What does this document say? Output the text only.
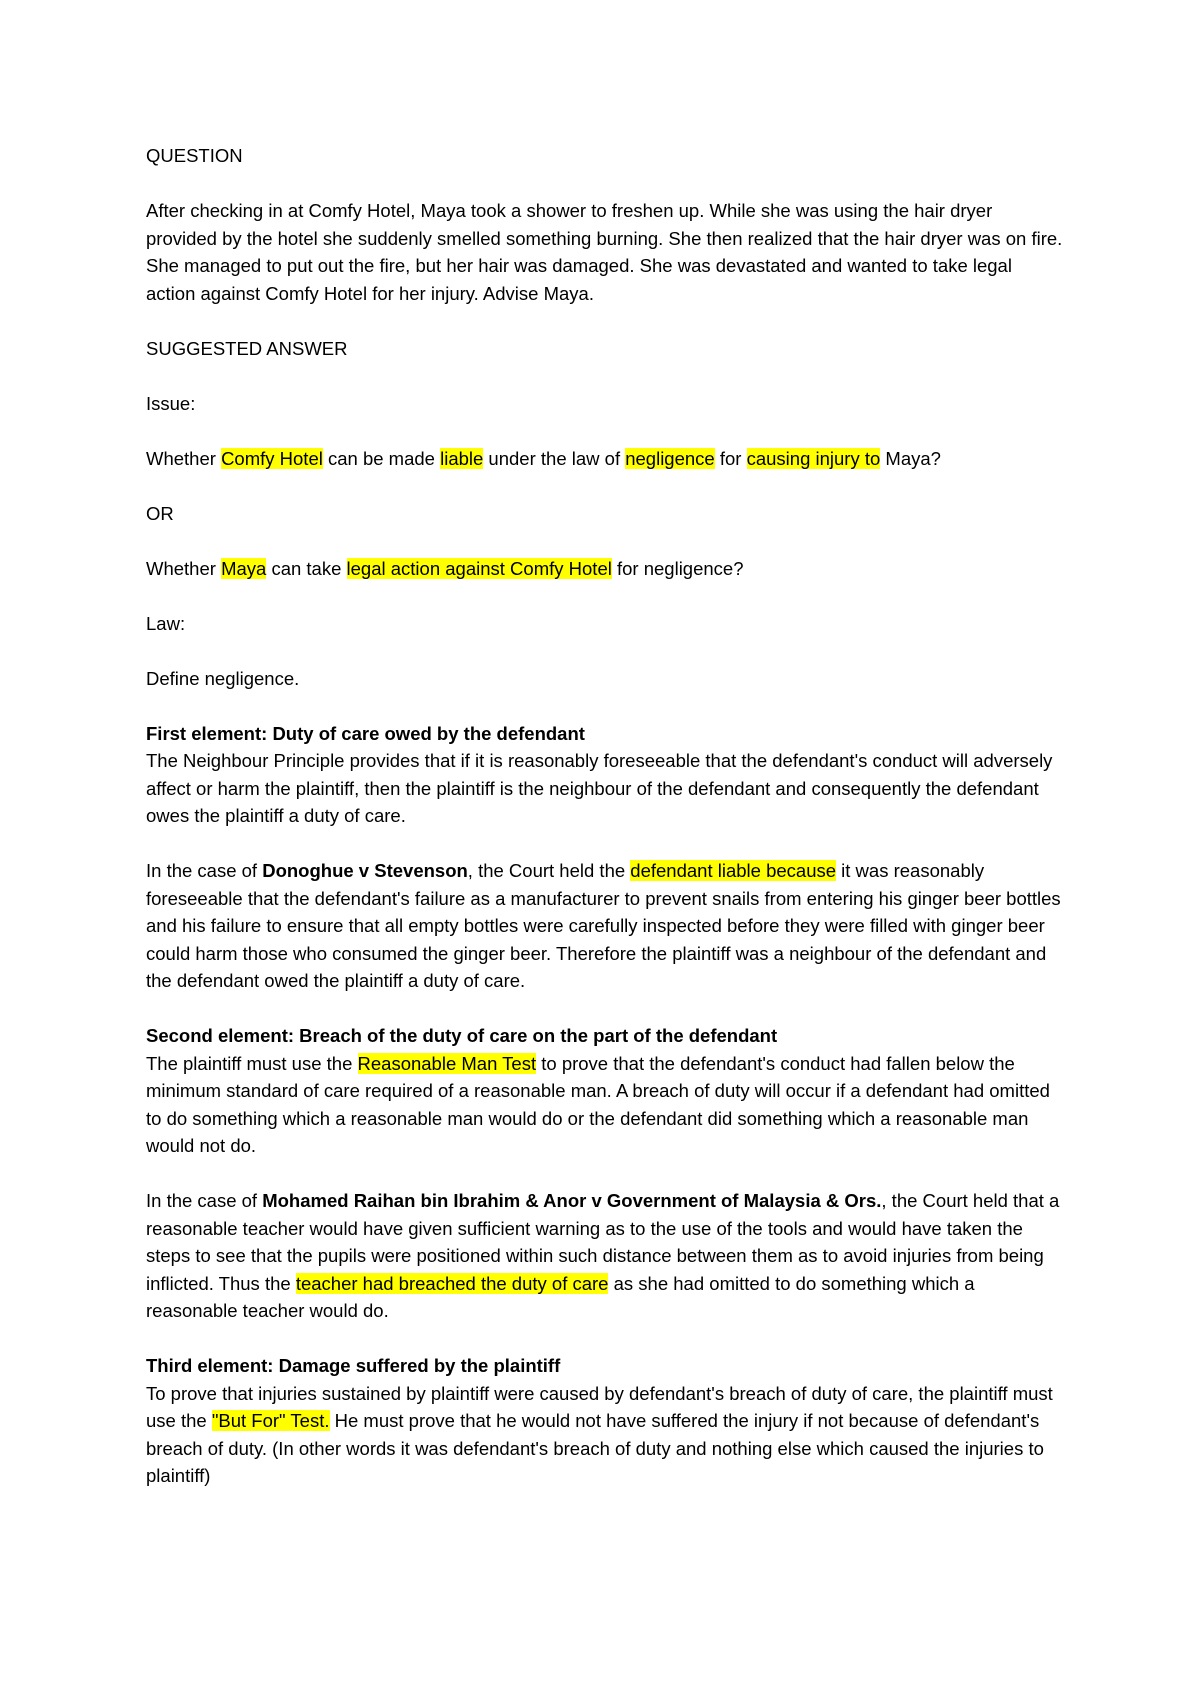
QUESTION

After checking in at Comfy Hotel, Maya took a shower to freshen up. While she was using the hair dryer provided by the hotel she suddenly smelled something burning. She then realized that the hair dryer was on fire. She managed to put out the fire, but her hair was damaged. She was devastated and wanted to take legal action against Comfy Hotel for her injury. Advise Maya.

SUGGESTED ANSWER

Issue:

Whether Comfy Hotel can be made liable under the law of negligence for causing injury to Maya?

OR

Whether Maya can take legal action against Comfy Hotel for negligence?

Law:

Define negligence.

First element: Duty of care owed by the defendant

The Neighbour Principle provides that if it is reasonably foreseeable that the defendant's conduct will adversely affect or harm the plaintiff, then the plaintiff is the neighbour of the defendant and consequently the defendant owes the plaintiff a duty of care.

In the case of Donoghue v Stevenson, the Court held the defendant liable because it was reasonably foreseeable that the defendant's failure as a manufacturer to prevent snails from entering his ginger beer bottles and his failure to ensure that all empty bottles were carefully inspected before they were filled with ginger beer could harm those who consumed the ginger beer. Therefore the plaintiff was a neighbour of the defendant and the defendant owed the plaintiff a duty of care.

Second element: Breach of the duty of care on the part of the defendant

The plaintiff must use the Reasonable Man Test to prove that the defendant's conduct had fallen below the minimum standard of care required of a reasonable man. A breach of duty will occur if a defendant had omitted to do something which a reasonable man would do or the defendant did something which a reasonable man would not do.

In the case of Mohamed Raihan bin Ibrahim & Anor v Government of Malaysia & Ors., the Court held that a reasonable teacher would have given sufficient warning as to the use of the tools and would have taken the steps to see that the pupils were positioned within such distance between them as to avoid injuries from being inflicted. Thus the teacher had breached the duty of care as she had omitted to do something which a reasonable teacher would do.

Third element: Damage suffered by the plaintiff

To prove that injuries sustained by plaintiff were caused by defendant's breach of duty of care, the plaintiff must use the "But For" Test. He must prove that he would not have suffered the injury if not because of defendant's breach of duty. (In other words it was defendant's breach of duty and nothing else which caused the injuries to plaintiff)
